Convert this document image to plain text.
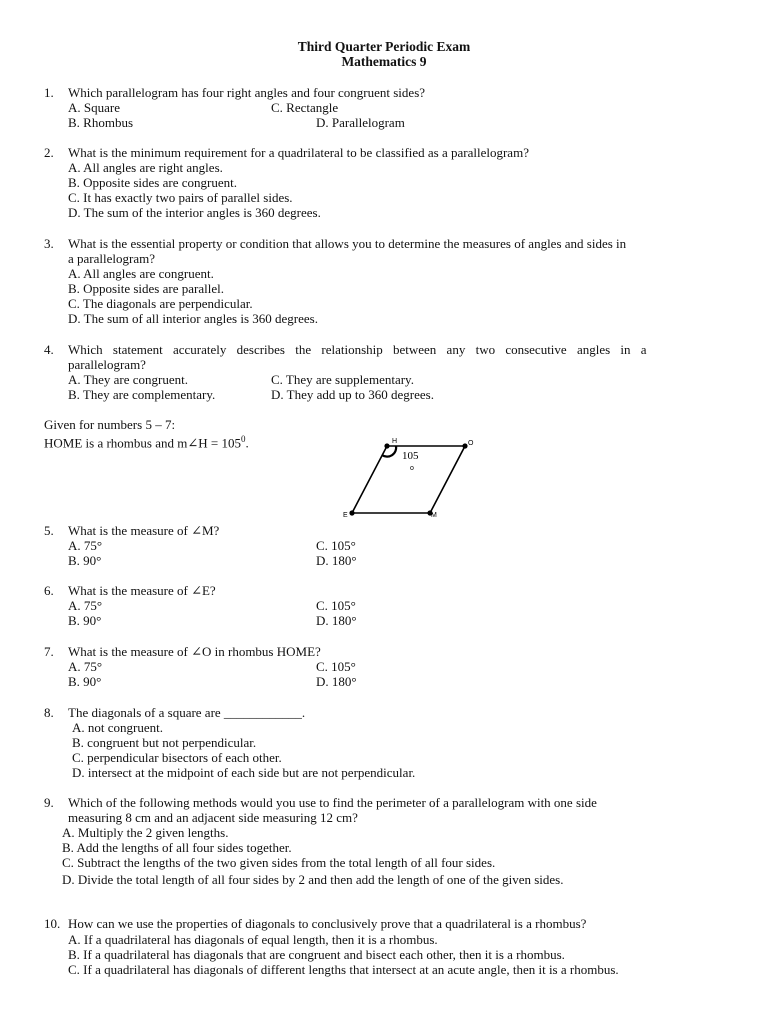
Third Quarter Periodic Exam
Mathematics 9
1. Which parallelogram has four right angles and four congruent sides?
A. Square	C. Rectangle
B. Rhombus	D. Parallelogram
2. What is the minimum requirement for a quadrilateral to be classified as a parallelogram?
A. All angles are right angles.
B. Opposite sides are congruent.
C. It has exactly two pairs of parallel sides.
D. The sum of the interior angles is 360 degrees.
3. What is the essential property or condition that allows you to determine the measures of angles and sides in
a parallelogram?
A. All angles are congruent.
B. Opposite sides are parallel.
C. The diagonals are perpendicular.
D. The sum of all interior angles is 360 degrees.
4. Which statement accurately describes the relationship between any two consecutive angles in a
parallelogram?
A. They are congruent.	C. They are supplementary.
B. They are complementary.	D. They add up to 360 degrees.
Given for numbers 5 – 7:
HOME is a rhombus and m∠H = $105^0$.	H	O
M
E
105
o
5. What is the measure of ∠M?
A. 75°	C. 105°
B. 90°	D. 180°
6. What is the measure of ∠E?
A. 75°	C. 105°
B. 90°	D. 180°
7. What is the measure of ∠O in rhombus HOME?
A. 75°	C. 105°
B. 90°	D. 180°
8. The diagonals of a square are ____________.
A. not congruent.
B. congruent but not perpendicular.
C. perpendicular bisectors of each other.
D. intersect at the midpoint of each side but are not perpendicular.
9. Which of the following methods would you use to find the perimeter of a parallelogram with one side
measuring 8 cm and an adjacent side measuring 12 cm?
A. Multiply the 2 given lengths.
B. Add the lengths of all four sides together.
C. Subtract the lengths of the two given sides from the total length of all four sides.
D. Divide the total length of all four sides by 2 and then add the length of one of the given sides.
10. How can we use the properties of diagonals to conclusively prove that a quadrilateral is a rhombus?
A. If a quadrilateral has diagonals of equal length, then it is a rhombus.
B. If a quadrilateral has diagonals that are congruent and bisect each other, then it is a rhombus.
C. If a quadrilateral has diagonals of different lengths that intersect at an acute angle, then it is a rhombus.
